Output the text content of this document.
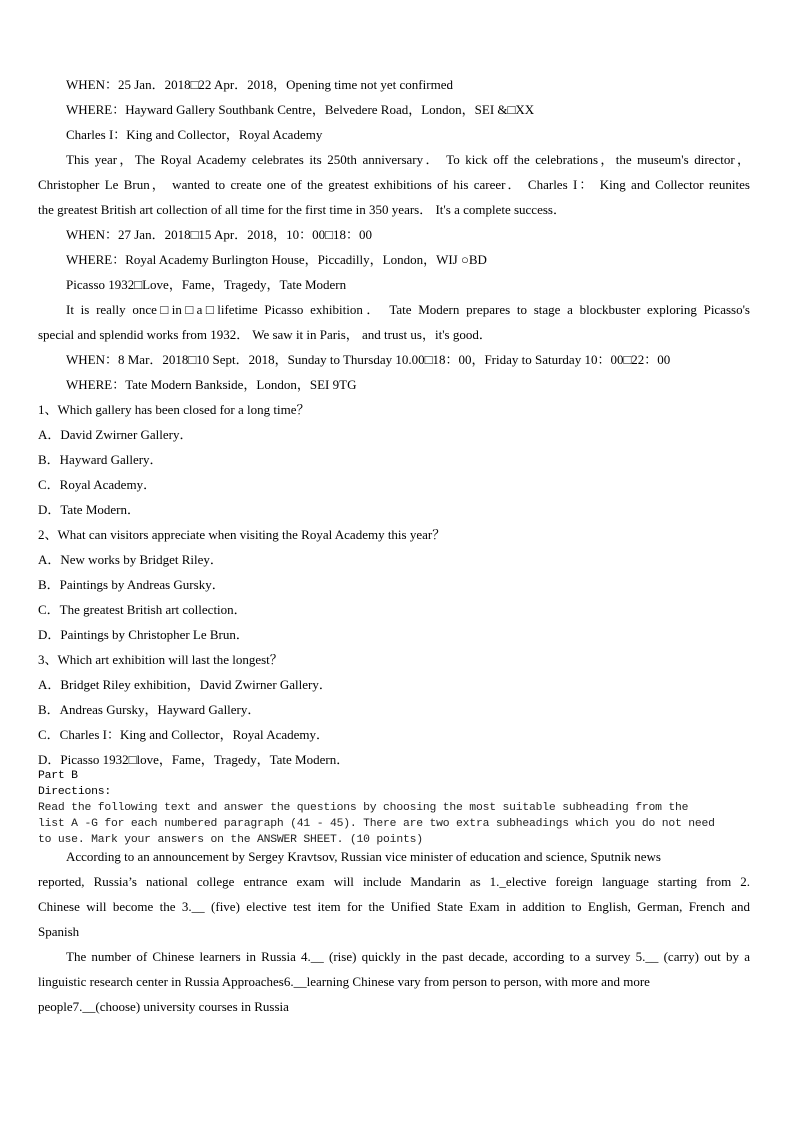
WHEN：25 Jan．2018□22 Apr．2018，Opening time not yet confirmed
WHERE：Hayward Gallery Southbank Centre，Belvedere Road，London，SEI &□XX
Charles I：King and Collector，Royal Academy
This year，The Royal Academy celebrates its 250th anniversary． To kick off the celebrations，the museum's director，
Christopher Le Brun， wanted to create one of the greatest exhibitions of his career． Charles I： King and Collector reunites
the greatest British art collection of all time for the first time in 350 years． It's a complete success．
WHEN：27 Jan．2018□15 Apr．2018，10：00□18：00
WHERE：Royal Academy Burlington House，Piccadilly，London，WIJ ○BD
Picasso 1932□Love，Fame，Tragedy，Tate Modern
It is really once□in□a□lifetime Picasso exhibition． Tate Modern prepares to stage a blockbuster exploring Picasso's
special and splendid works from 1932． We saw it in Paris， and trust us，it's good．
WHEN：8 Mar．2018□10 Sept．2018，Sunday to Thursday 10.00□18：00，Friday to Saturday 10：00□22：00
WHERE：Tate Modern Bankside，London，SEI 9TG
1、Which gallery has been closed for a long time？
A．David Zwirner Gallery．
B．Hayward Gallery．
C．Royal Academy．
D．Tate Modern．
2、What can visitors appreciate when visiting the Royal Academy this year？
A．New works by Bridget Riley．
B．Paintings by Andreas Gursky．
C．The greatest British art collection．
D．Paintings by Christopher Le Brun．
3、Which art exhibition will last the longest？
A．Bridget Riley exhibition，David Zwirner Gallery．
B．Andreas Gursky，Hayward Gallery．
C．Charles I：King and Collector，Royal Academy．
D．Picasso 1932□love，Fame，Tragedy，Tate Modern．
Part B
Directions:
Read the following text and answer the questions by choosing the most suitable subheading from the
list A -G for each numbered paragraph (41 - 45). There are two extra subheadings which you do not need
to use. Mark your answers on the ANSWER SHEET. (10 points)
According to an announcement by Sergey Kravtsov, Russian vice minister of education and science, Sputnik news
reported, Russia’s national college entrance exam will include Mandarin as 1._elective foreign language starting from 2.
Chinese will become the 3.__ (five) elective test item for the Unified State Exam in addition to English, German, French and
Spanish
The number of Chinese learners in Russia 4.__ (rise) quickly in the past decade, according to a survey 5.__ (carry) out by a
linguistic research center in Russia Approaches6.__learning Chinese vary from person to person, with more and more
people7.__(choose) university courses in Russia
